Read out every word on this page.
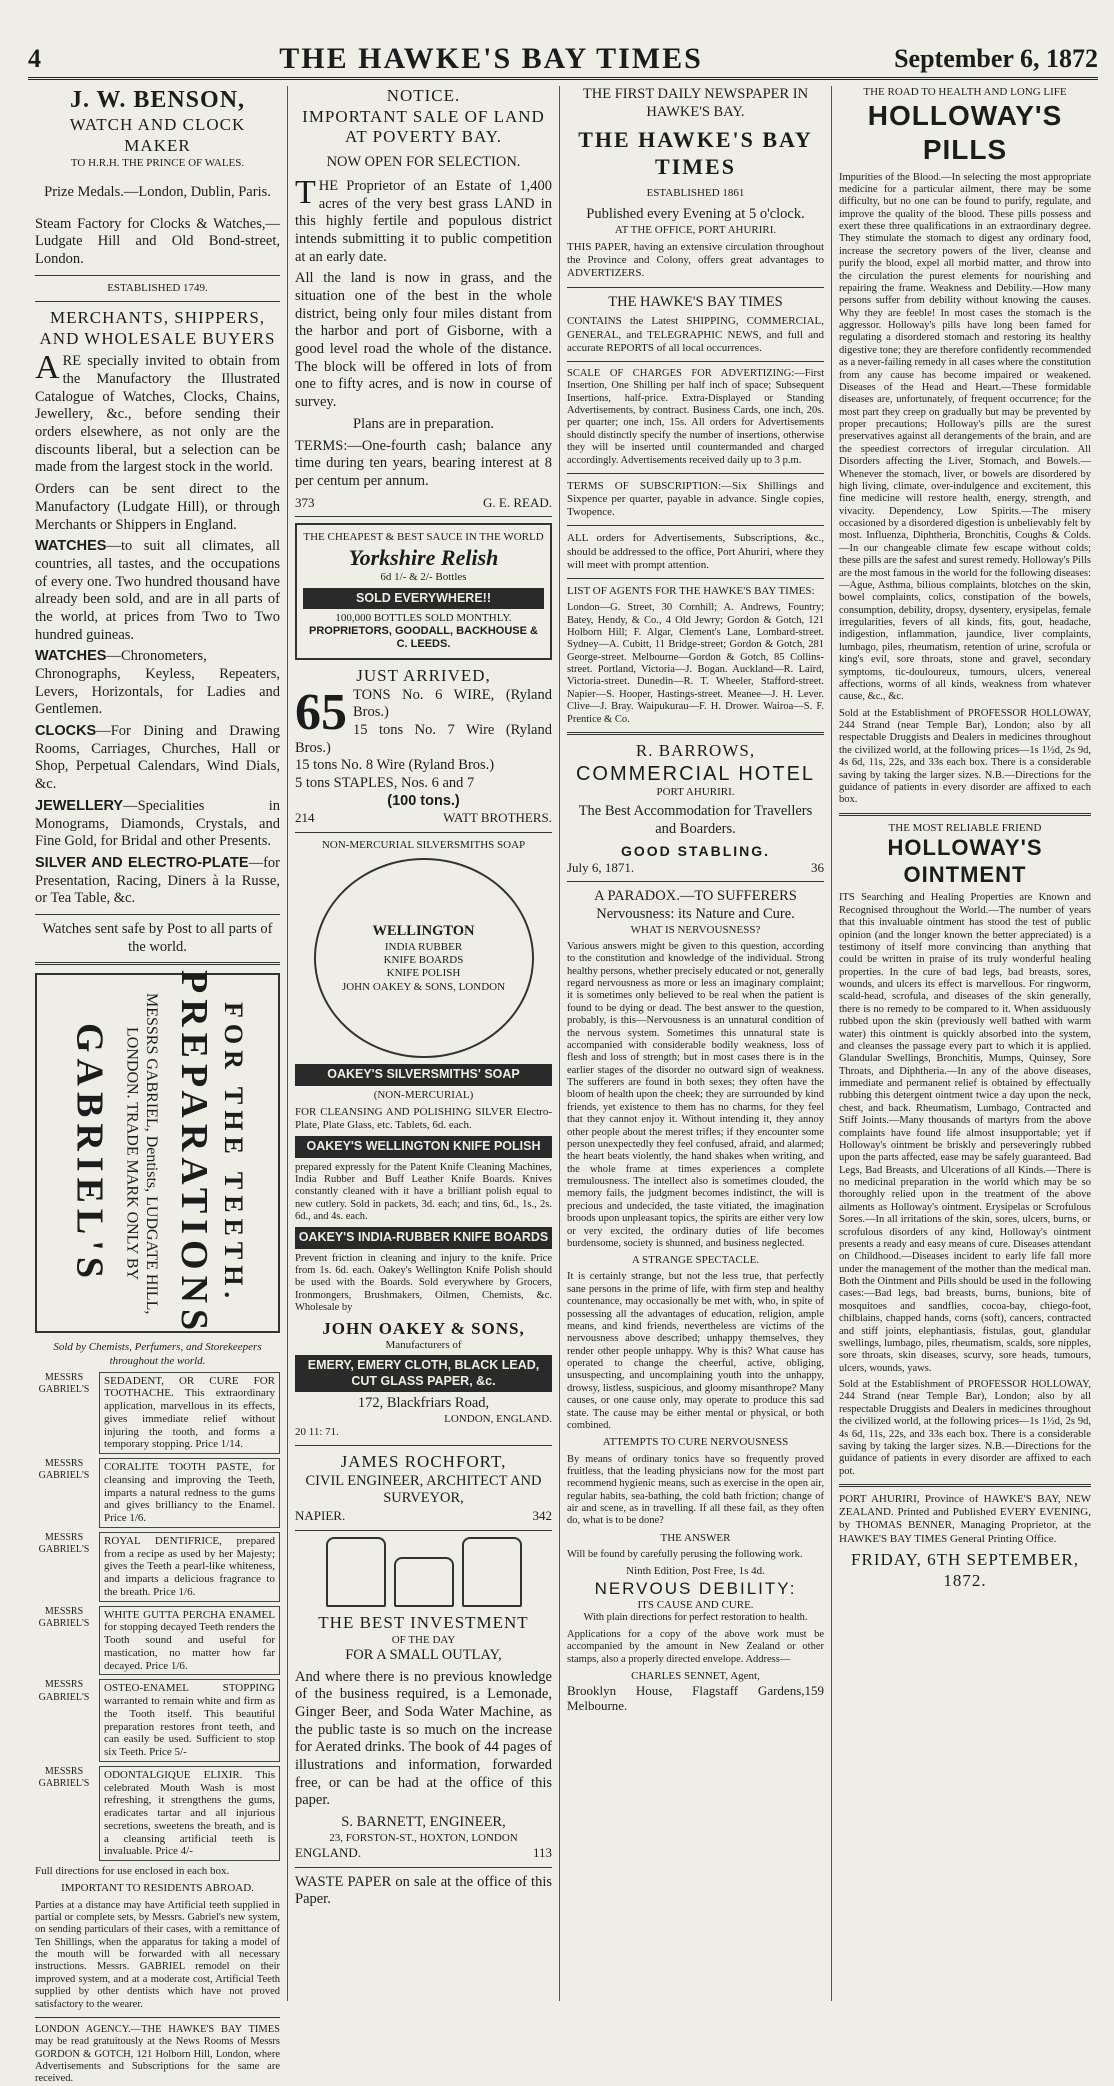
4	THE HAWKE'S BAY TIMES	September 6, 1872
J. W. BENSON,
WATCH AND CLOCK MAKER
TO H.R.H. THE PRINCE OF WALES.

Prize Medals.—London, Dublin, Paris.

Steam Factory for Clocks & Watches,—Ludgate Hill and Old Bond-street, London.

ESTABLISHED 1749.
MERCHANTS, SHIPPERS, AND WHOLESALE BUYERS

ARE specially invited to obtain from the Manufactory the Illustrated Catalogue of Watches, Clocks, Chains, Jewellery, &c., before sending their orders elsewhere, as not only are the discounts liberal, but a selection can be made from the largest stock in the world.

Orders can be sent direct to the Manufactory (Ludgate Hill), or through Merchants or Shippers in England.

WATCHES—to suit all climates, all countries, all tastes, and the occupations of every one. Two hundred thousand have already been sold, and are in all parts of the world, at prices from Two to Two hundred guineas.

WATCHES—Chronometers, Chronographs, Keyless, Repeaters, Levers, Horizontals, for Ladies and Gentlemen.

CLOCKS—For Dining and Drawing Rooms, Carriages, Churches, Hall or Shop, Perpetual Calendars, Wind Dials, &c.

JEWELLERY—Specialities in Monograms, Diamonds, Crystals, and Fine Gold, for Bridal and other Presents.

SILVER AND ELECTRO-PLATE—for Presentation, Racing, Diners à la Russe, or Tea Table, &c.

Watches sent safe by Post to all parts of the world.

GABRIEL'S	MESSRS GABRIEL, Dentists, LUDGATE HILL, LONDON. TRADE MARK ONLY BY PREPARATIONS FOR THE TEETH.

Sold by Chemists, Perfumers, and Storekeepers throughout the world.

MESSRS GABRIEL'S
SEDADENT, OR CURE FOR TOOTHACHE. This extraordinary application, marvellous in its effects, gives immediate relief without injuring the tooth, and forms a temporary stopping. Price 1/14.
MESSRS GABRIEL'S
CORALITE TOOTH PASTE, for cleansing and improving the Teeth, imparts a natural redness to the gums and gives brilliancy to the Enamel. Price 1/6.
MESSRS GABRIEL'S
ROYAL DENTIFRICE, prepared from a recipe as used by her Majesty; gives the Teeth a pearl-like whiteness, and imparts a delicious fragrance to the breath. Price 1/6.
MESSRS GABRIEL'S
WHITE GUTTA PERCHA ENAMEL for stopping decayed Teeth renders the Tooth sound and useful for mastication, no matter how far decayed. Price 1/6.
MESSRS GABRIEL'S
OSTEO-ENAMEL STOPPING warranted to remain white and firm as the Tooth itself. This beautiful preparation restores front teeth, and can easily be used. Sufficient to stop six Teeth. Price 5/-
MESSRS GABRIEL'S
ODONTALGIQUE ELIXIR. This celebrated Mouth Wash is most refreshing, it strengthens the gums, eradicates tartar and all injurious secretions, sweetens the breath, and is a cleansing artificial teeth is invaluable. Price 4/-

Full directions for use enclosed in each box.

IMPORTANT TO RESIDENTS ABROAD.

Parties at a distance may have Artificial teeth supplied in partial or complete sets, by Messrs. Gabriel's new system, on sending particulars of their cases, with a remittance of Ten Shillings, when the apparatus for taking a model of the mouth will be forwarded with all necessary instructions. Messrs. GABRIEL remodel on their improved system, and at a moderate cost, Artificial Teeth supplied by other dentists which have not proved satisfactory to the wearer.

LONDON AGENCY.—THE HAWKE'S BAY TIMES may be read gratuitously at the News Rooms of Messrs GORDON & GOTCH, 121 Holborn Hill, London, where Advertisements and Subscriptions for the same are received.

NOTICE.
IMPORTANT SALE OF LAND AT POVERTY BAY.
NOW OPEN FOR SELECTION.

THE Proprietor of an Estate of 1,400 acres of the very best grass LAND in this highly fertile and populous district intends submitting it to public competition at an early date.

All the land is now in grass, and the situation one of the best in the whole district, being only four miles distant from the harbor and port of Gisborne, with a good level road the whole of the distance. The block will be offered in lots of from one to fifty acres, and is now in course of survey.

Plans are in preparation.

TERMS:—One-fourth cash; balance any time during ten years, bearing interest at 8 per centum per annum.

373	G. E. READ.
THE CHEAPEST & BEST SAUCE IN THE WORLD
Yorkshire Relish
6d 1/- & 2/- Bottles
SOLD EVERYWHERE!!
100,000 BOTTLES SOLD MONTHLY.
PROPRIETORS, GOODALL, BACKHOUSE & C. LEEDS.
JUST ARRIVED,
65 TONS No. 6 WIRE, (Ryland Bros.)
15 tons No. 7 Wire (Ryland Bros.)
15 tons No. 8 Wire (Ryland Bros.)
5 tons STAPLES, Nos. 6 and 7
(100 tons.)
214	WATT BROTHERS.
NON-MERCURIAL SILVERSMITHS SOAP
WELLINGTON
INDIA RUBBER
KNIFE BOARDS
KNIFE POLISH
JOHN OAKEY & SONS, LONDON
OAKEY'S SILVERSMITHS' SOAP
(NON-MERCURIAL)

FOR CLEANSING AND POLISHING SILVER Electro-Plate, Plate Glass, etc. Tablets, 6d. each.

OAKEY'S WELLINGTON KNIFE POLISH

prepared expressly for the Patent Knife Cleaning Machines, India Rubber and Buff Leather Knife Boards. Knives constantly cleaned with it have a brilliant polish equal to new cutlery. Sold in packets, 3d. each; and tins, 6d., 1s., 2s. 6d., and 4s. each.

OAKEY'S INDIA-RUBBER KNIFE BOARDS

Prevent friction in cleaning and injury to the knife. Price from 1s. 6d. each. Oakey's Wellington Knife Polish should be used with the Boards. Sold everywhere by Grocers, Ironmongers, Brushmakers, Oilmen, Chemists, &c. Wholesale by

JOHN OAKEY & SONS,
Manufacturers of
EMERY, EMERY CLOTH, BLACK LEAD, CUT GLASS PAPER, &c.
172, Blackfriars Road,
LONDON, ENGLAND.
20 11: 71.
JAMES ROCHFORT,
CIVIL ENGINEER, ARCHITECT AND SURVEYOR,
NAPIER.	342
THE BEST INVESTMENT
OF THE DAY
FOR A SMALL OUTLAY,

And where there is no previous knowledge of the business required, is a Lemonade, Ginger Beer, and Soda Water Machine, as the public taste is so much on the increase for Aerated drinks. The book of 44 pages of illustrations and information, forwarded free, or can be had at the office of this paper.

S. BARNETT, ENGINEER,
23, FORSTON-ST., HOXTON, LONDON
ENGLAND.	113

WASTE PAPER on sale at the office of this Paper.

THE FIRST DAILY NEWSPAPER IN HAWKE'S BAY.
THE HAWKE'S BAY TIMES
ESTABLISHED 1861
Published every Evening at 5 o'clock.
AT THE OFFICE, PORT AHURIRI.

THIS PAPER, having an extensive circulation throughout the Province and Colony, offers great advantages to ADVERTIZERS.

THE HAWKE'S BAY TIMES

CONTAINS the Latest SHIPPING, COMMERCIAL, GENERAL, and TELEGRAPHIC NEWS, and full and accurate REPORTS of all local occurrences.

SCALE OF CHARGES FOR ADVERTIZING:—First Insertion, One Shilling per half inch of space; Subsequent Insertions, half-price. Extra-Displayed or Standing Advertisements, by contract. Business Cards, one inch, 20s. per quarter; one inch, 15s. All orders for Advertisements should distinctly specify the number of insertions, otherwise they will be inserted until countermanded and charged accordingly. Advertisements received daily up to 3 p.m.

TERMS OF SUBSCRIPTION:—Six Shillings and Sixpence per quarter, payable in advance. Single copies, Twopence.

ALL orders for Advertisements, Subscriptions, &c., should be addressed to the office, Port Ahuriri, where they will meet with prompt attention.

LIST OF AGENTS FOR THE HAWKE'S BAY TIMES:

London—G. Street, 30 Cornhill; A. Andrews, Fountry; Batey, Hendy, & Co., 4 Old Jewry; Gordon & Gotch, 121 Holborn Hill; F. Algar, Clement's Lane, Lombard-street. Sydney—A. Cubitt, 11 Bridge-street; Gordon & Gotch, 281 George-street. Melbourne—Gordon & Gotch, 85 Collins-street. Portland, Victoria—J. Bogan. Auckland—R. Laird, Victoria-street. Dunedin—R. T. Wheeler, Stafford-street. Napier—S. Hooper, Hastings-street. Meanee—J. H. Lever. Clive—J. Bray. Waipukurau—F. H. Drower. Wairoa—S. F. Prentice & Co.

R. BARROWS,
COMMERCIAL HOTEL
PORT AHURIRI.

The Best Accommodation for Travellers and Boarders.

GOOD STABLING.
July 6, 1871.	36
A PARADOX.—TO SUFFERERS
Nervousness: its Nature and Cure.
WHAT IS NERVOUSNESS?

Various answers might be given to this question, according to the constitution and knowledge of the individual. Strong healthy persons, whether precisely educated or not, generally regard nervousness as more or less an imaginary complaint; it is sometimes only believed to be real when the patient is found to be dying or dead. The best answer to the question, probably, is this—Nervousness is an unnatural condition of the nervous system. Sometimes this unnatural state is accompanied with considerable bodily weakness, loss of flesh and loss of strength; but in most cases there is in the earlier stages of the disorder no outward sign of weakness. The sufferers are found in both sexes; they often have the bloom of health upon the cheek; they are surrounded by kind friends, yet existence to them has no charms, for they feel that they cannot enjoy it. Without intending it, they annoy other people about the merest trifles; if they encounter some person unexpectedly they feel confused, afraid, and alarmed; the heart beats violently, the hand shakes when writing, and the whole frame at times experiences a complete tremulousness. The intellect also is sometimes clouded, the memory fails, the judgment becomes indistinct, the will is precious and undecided, the taste vitiated, the imagination broods upon unpleasant topics, the spirits are either very low or very excited, the ordinary duties of life becomes burdensome, society is shunned, and business neglected.

A STRANGE SPECTACLE.

It is certainly strange, but not the less true, that perfectly sane persons in the prime of life, with firm step and healthy countenance, may occasionally be met with, who, in spite of possessing all the advantages of education, religion, ample means, and kind friends, nevertheless are victims of the nervousness above described; unhappy themselves, they render other people unhappy. Why is this? What cause has operated to change the cheerful, active, obliging, unsuspecting, and uncomplaining youth into the unhappy, drowsy, listless, suspicious, and gloomy misanthrope? Many causes, or one cause only, may operate to produce this sad state. The cause may be either mental or physical, or both combined.

ATTEMPTS TO CURE NERVOUSNESS

By means of ordinary tonics have so frequently proved fruitless, that the leading physicians now for the most part recommend hygienic means, such as exercise in the open air, regular habits, sea-bathing, the cold bath friction; change of air and scene, as in travelling. If all these fail, as they often do, what is to be done?

THE ANSWER

Will be found by carefully perusing the following work.

Ninth Edition, Post Free, 1s 4d.
NERVOUS DEBILITY:
ITS CAUSE AND CURE.
With plain directions for perfect restoration to health.

Applications for a copy of the above work must be accompanied by the amount in New Zealand or other stamps, also a properly directed envelope. Address—

CHARLES SENNET, Agent,
Brooklyn House, Flagstaff Gardens, Melbourne.
159
THE ROAD TO HEALTH AND LONG LIFE
HOLLOWAY'S PILLS

Impurities of the Blood.—In selecting the most appropriate medicine for a particular ailment, there may be some difficulty, but no one can be found to purify, regulate, and improve the quality of the blood. These pills possess and exert these three qualifications in an extraordinary degree. They stimulate the stomach to digest any ordinary food, increase the secretory powers of the liver, cleanse and purify the blood, expel all morbid matter, and throw into the circulation the purest elements for nourishing and repairing the frame. Weakness and Debility.—How many persons suffer from debility without knowing the causes. Why they are feeble! In most cases the stomach is the aggressor. Holloway's pills have long been famed for regulating a disordered stomach and restoring its healthy digestive tone; they are therefore confidently recommended as a never-failing remedy in all cases where the constitution from any cause has become impaired or weakened. Diseases of the Head and Heart.—These formidable diseases are, unfortunately, of frequent occurrence; for the most part they creep on gradually but may be prevented by proper precautions; Holloway's pills are the surest preservatives against all derangements of the brain, and are the speediest correctors of irregular circulation. All Disorders affecting the Liver, Stomach, and Bowels.—Whenever the stomach, liver, or bowels are disordered by high living, climate, over-indulgence and excitement, this fine medicine will restore health, energy, strength, and vivacity. Dependency, Low Spirits.—The misery occasioned by a disordered digestion is unbelievably felt by most. Influenza, Diphtheria, Bronchitis, Coughs & Colds.—In our changeable climate few escape without colds; these pills are the safest and surest remedy. Holloway's Pills are the most famous in the world for the following diseases:—Ague, Asthma, bilious complaints, blotches on the skin, bowel complaints, colics, constipation of the bowels, consumption, debility, dropsy, dysentery, erysipelas, female irregularities, fevers of all kinds, fits, gout, headache, indigestion, inflammation, jaundice, liver complaints, lumbago, piles, rheumatism, retention of urine, scrofula or king's evil, sore throats, stone and gravel, secondary symptoms, tic-douloureux, tumours, ulcers, venereal affections, worms of all kinds, weakness from whatever cause, &c., &c.

Sold at the Establishment of PROFESSOR HOLLOWAY, 244 Strand (near Temple Bar), London; also by all respectable Druggists and Dealers in medicines throughout the civilized world, at the following prices—1s 1½d, 2s 9d, 4s 6d, 11s, 22s, and 33s each box. There is a considerable saving by taking the larger sizes. N.B.—Directions for the guidance of patients in every disorder are affixed to each box.

THE MOST RELIABLE FRIEND
HOLLOWAY'S OINTMENT

ITS Searching and Healing Properties are Known and Recognised throughout the World.—The number of years that this invaluable ointment has stood the test of public opinion (and the longer known the better appreciated) is a testimony of itself more convincing than anything that could be written in praise of its truly wonderful healing properties. In the cure of bad legs, bad breasts, sores, wounds, and ulcers its effect is marvellous. For ringworm, scald-head, scrofula, and diseases of the skin generally, there is no remedy to be compared to it. When assiduously rubbed upon the skin (previously well bathed with warm water) this ointment is quickly absorbed into the system, and cleanses the passage every part to which it is applied. Glandular Swellings, Bronchitis, Mumps, Quinsey, Sore Throats, and Diphtheria.—In any of the above diseases, immediate and permanent relief is obtained by effectually rubbing this detergent ointment twice a day upon the neck, chest, and back. Rheumatism, Lumbago, Contracted and Stiff Joints.—Many thousands of martyrs from the above complaints have found life almost insupportable; yet if Holloway's ointment be briskly and perseveringly rubbed upon the parts affected, ease may be safely guaranteed. Bad Legs, Bad Breasts, and Ulcerations of all Kinds.—There is no medicinal preparation in the world which may be so thoroughly relied upon in the treatment of the above ailments as Holloway's ointment. Erysipelas or Scrofulous Sores.—In all irritations of the skin, sores, ulcers, burns, or scrofulous disorders of any kind, Holloway's ointment presents a ready and easy means of cure. Diseases attendant on Childhood.—Diseases incident to early life fall more under the management of the mother than the medical man. Both the Ointment and Pills should be used in the following cases:—Bad legs, bad breasts, burns, bunions, bite of mosquitoes and sandflies, cocoa-bay, chiego-foot, chilblains, chapped hands, corns (soft), cancers, contracted and stiff joints, elephantiasis, fistulas, gout, glandular swellings, lumbago, piles, rheumatism, scalds, sore nipples, sore throats, skin diseases, scurvy, sore heads, tumours, ulcers, wounds, yaws.

Sold at the Establishment of PROFESSOR HOLLOWAY, 244 Strand (near Temple Bar), London; also by all respectable Druggists and Dealers in medicines throughout the civilized world, at the following prices—1s 1½d, 2s 9d, 4s 6d, 11s, 22s, and 33s each box. There is a considerable saving by taking the larger sizes. N.B.—Directions for the guidance of patients in every disorder are affixed to each pot.

PORT AHURIRI, Province of HAWKE'S BAY, NEW ZEALAND. Printed and Published EVERY EVENING, by THOMAS BENNER, Managing Proprietor, at the HAWKE'S BAY TIMES General Printing Office.

FRIDAY, 6TH SEPTEMBER, 1872.
